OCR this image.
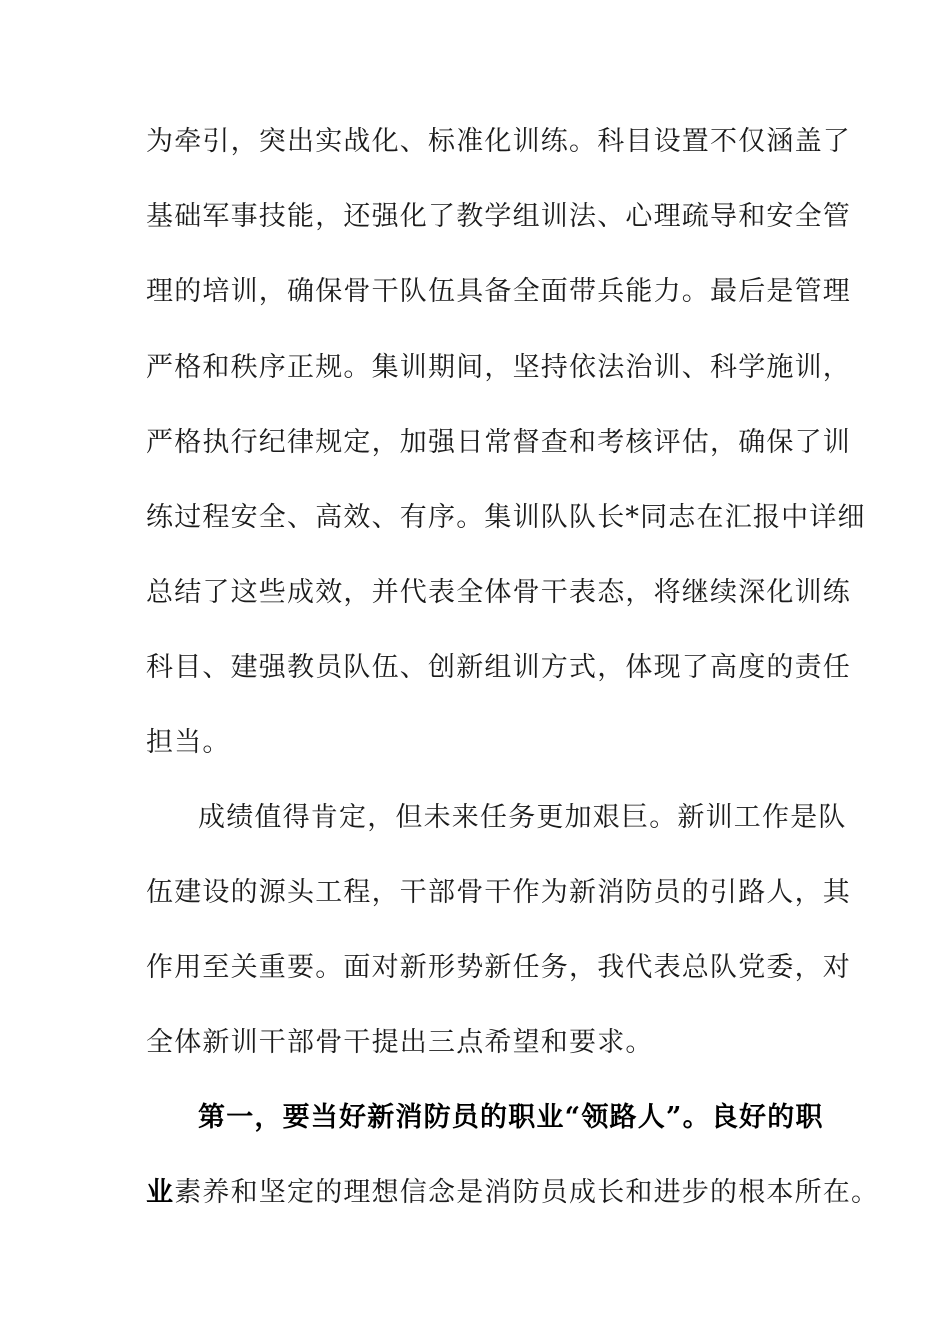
为牵引，突出实战化、标准化训练。科目设置不仅涵盖了
基础军事技能，还强化了教学组训法、心理疏导和安全管
理的培训，确保骨干队伍具备全面带兵能力。最后是管理
严格和秩序正规。集训期间，坚持依法治训、科学施训，
严格执行纪律规定，加强日常督查和考核评估，确保了训
练过程安全、高效、有序。集训队队长*同志在汇报中详细
总结了这些成效，并代表全体骨干表态，将继续深化训练
科目、建强教员队伍、创新组训方式，体现了高度的责任
担当。
成绩值得肯定，但未来任务更加艰巨。新训工作是队
伍建设的源头工程，干部骨干作为新消防员的引路人，其
作用至关重要。面对新形势新任务，我代表总队党委，对
全体新训干部骨干提出三点希望和要求。
第一，要当好新消防员的职业“领路人”。良好的职
业素养和坚定的理想信念是消防员成长和进步的根本所在。
